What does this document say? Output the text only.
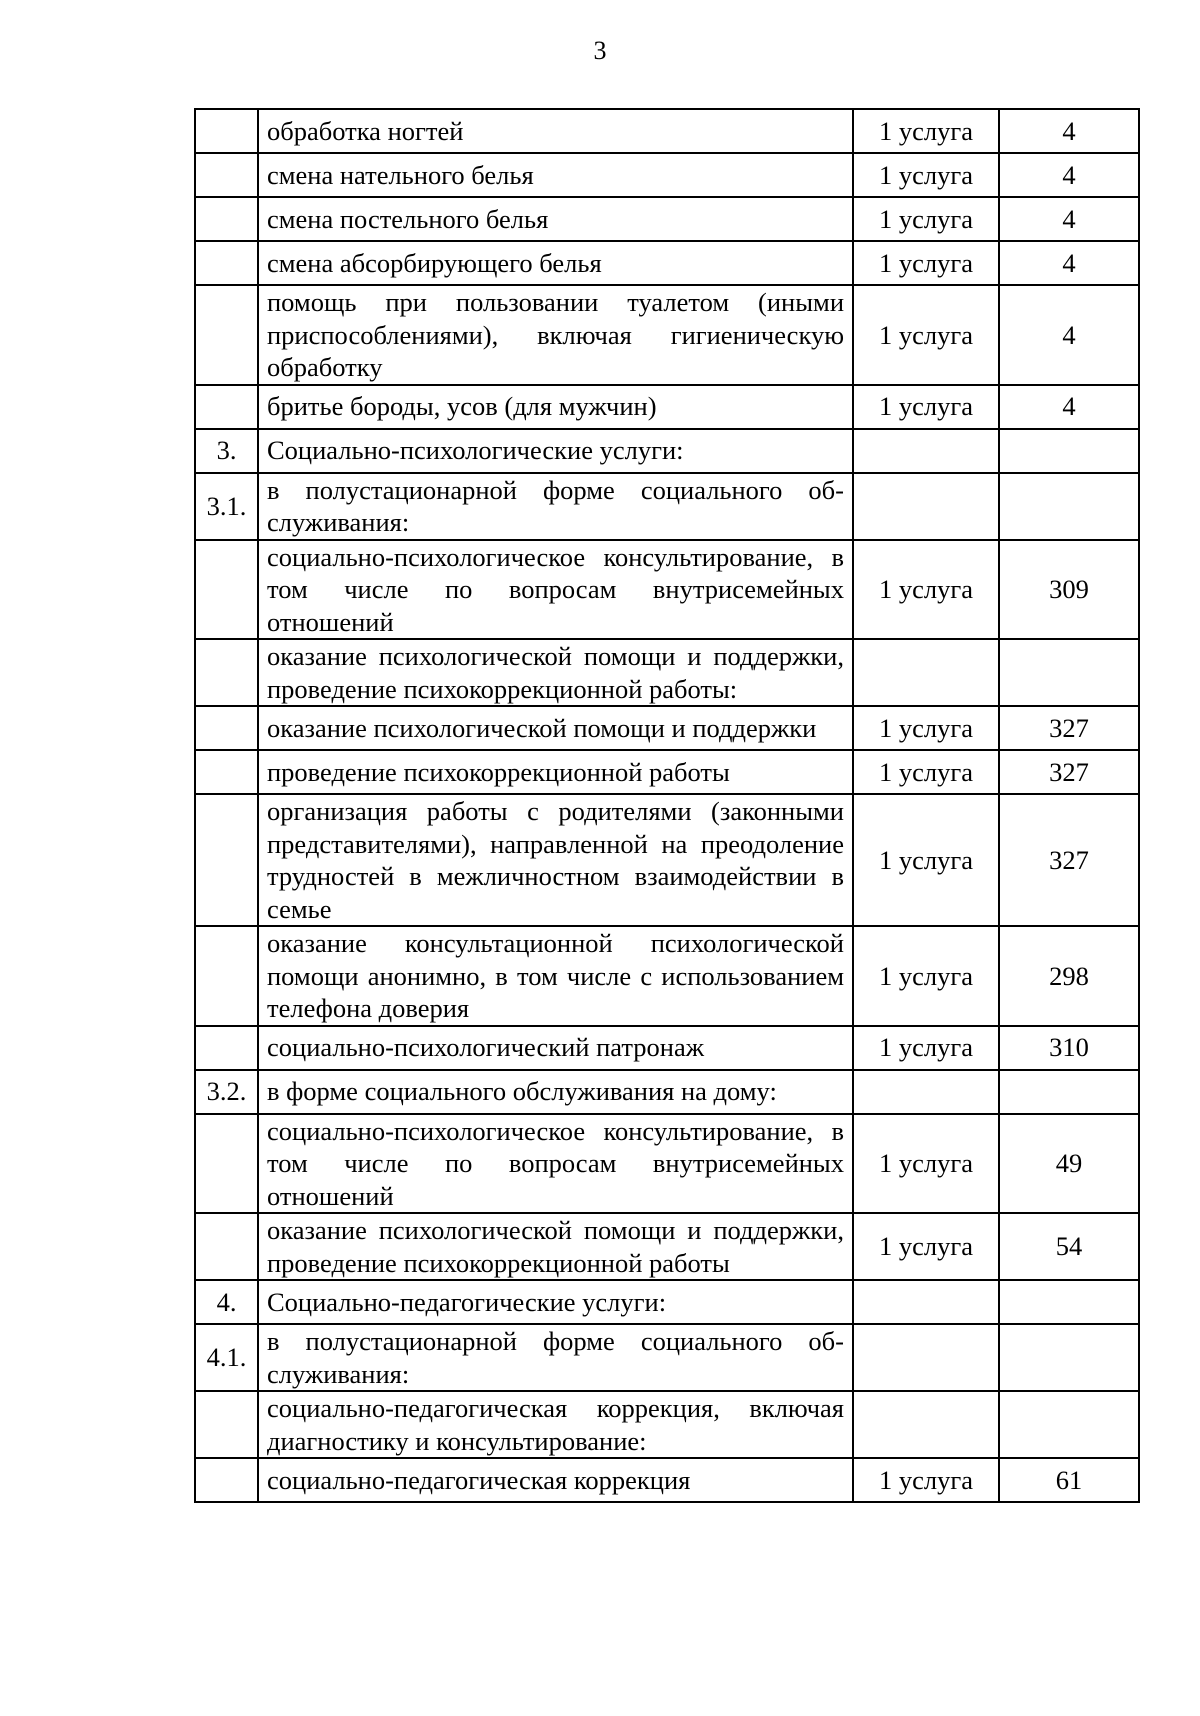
3
	обработка ногтей	1 услуга	4
	смена нательного белья	1 услуга	4
	смена постельного белья	1 услуга	4
	смена абсорбирующего белья	1 услуга	4
	помощь при пользовании туалетом (иными приспособлениями), включая гигиеническую обработку	1 услуга	4
	бритье бороды, усов (для мужчин)	1 услуга	4
3.	Социально-психологические услуги:		
3.1.	в полустационарной форме социального обслуживания:		
	социально-психологическое консультирование, в том числе по вопросам внутрисемейных отношений	1 услуга	309
	оказание психологической помощи и поддержки, проведение психокоррекционной работы:		
	оказание психологической помощи и поддержки	1 услуга	327
	проведение психокоррекционной работы	1 услуга	327
	организация работы с родителями (законными представителями), направленной на преодоление трудностей в межличностном взаимодействии в семье	1 услуга	327
	оказание консультационной психологической помощи анонимно, в том числе с использованием телефона доверия	1 услуга	298
	социально-психологический патронаж	1 услуга	310
3.2.	в форме социального обслуживания на дому:		
	социально-психологическое консультирование, в том числе по вопросам внутрисемейных отношений	1 услуга	49
	оказание психологической помощи и поддержки, проведение психокоррекционной работы	1 услуга	54
4.	Социально-педагогические услуги:		
4.1.	в полустационарной форме социального обслуживания:		
	социально-педагогическая коррекция, включая диагностику и консультирование:		
	социально-педагогическая коррекция	1 услуга	61
